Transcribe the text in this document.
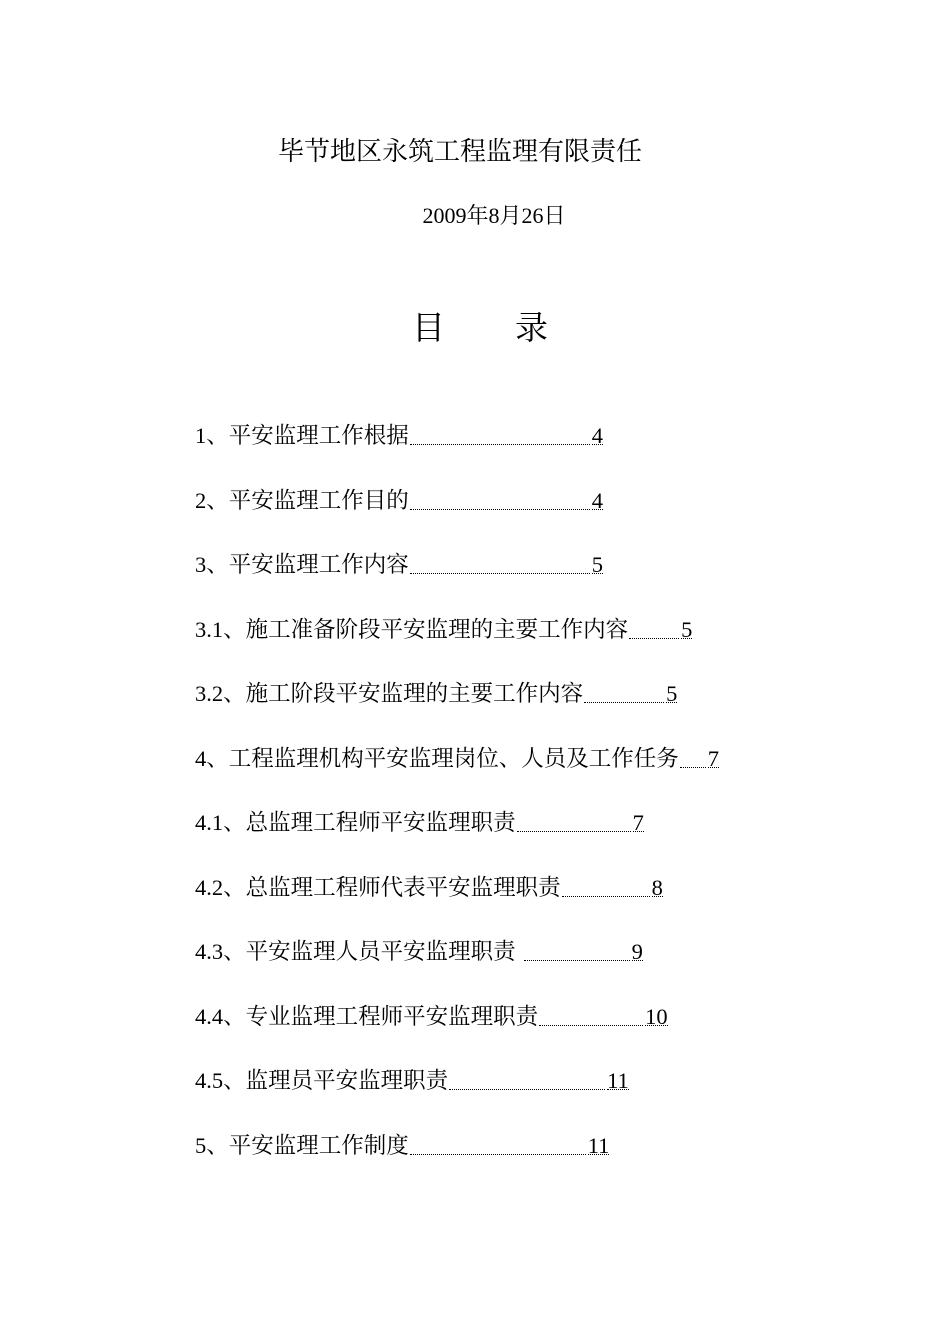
毕节地区永筑工程监理有限责任
2009年8月26日
目录
1、平安监理工作根据	4
2、平安监理工作目的	4
3、平安监理工作内容	5
3.1、施工准备阶段平安监理的主要工作内容 5
3.2、施工阶段平安监理的主要工作内容	5
4、工程监理机构平安监理岗位、人员及工作任务 7
4.1、总监理工程师平安监理职责	7
4.2、总监理工程师代表平安监理职责	8
4.3、平安监理人员平安监理职责	9
4.4、专业监理工程师平安监理职责	10
4.5、监理员平安监理职责	11
5、平安监理工作制度	11
